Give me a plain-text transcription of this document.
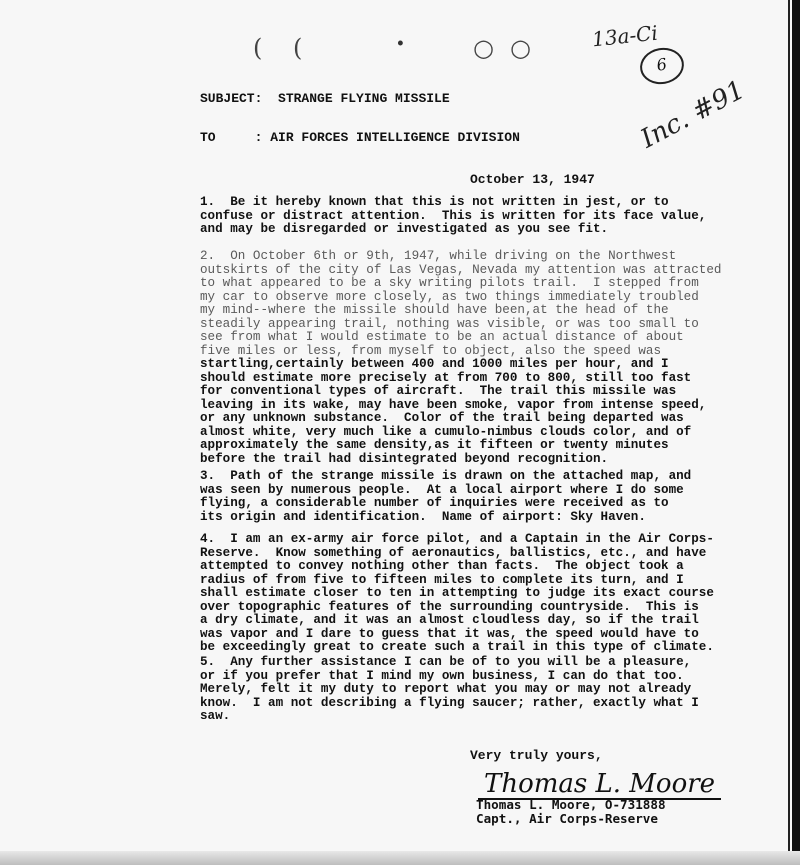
( (	•	○ ○	13a-Ci
6
Inc. #91
SUBJECT: STRANGE FLYING MISSILE
TO	: AIR FORCES INTELLIGENCE DIVISION
October 13, 1947

1.  Be it hereby known that this is not written in jest, or to
confuse or distract attention.  This is written for its face value,
and may be disregarded or investigated as you see fit.

2.  On October 6th or 9th, 1947, while driving on the Northwest
outskirts of the city of Las Vegas, Nevada my attention was attracted
to what appeared to be a sky writing pilots trail.  I stepped from
my car to observe more closely, as two things immediately troubled
my mind--where the missile should have been,at the head of the
steadily appearing trail, nothing was visible, or was too small to
see from what I would estimate to be an actual distance of about
five miles or less, from myself to object, also the speed was
startling,certainly between 400 and 1000 miles per hour, and I
should estimate more precisely at from 700 to 800, still too fast
for conventional types of aircraft.  The trail this missile was
leaving in its wake, may have been smoke, vapor from intense speed,
or any unknown substance.  Color of the trail being departed was
almost white, very much like a cumulo-nimbus clouds color, and of
approximately the same density,as it fifteen or twenty minutes
before the trail had disintegrated beyond recognition.

3.  Path of the strange missile is drawn on the attached map, and
was seen by numerous people.  At a local airport where I do some
flying, a considerable number of inquiries were received as to
its origin and identification.  Name of airport: Sky Haven.

4.  I am an ex-army air force pilot, and a Captain in the Air Corps-
Reserve.  Know something of aeronautics, ballistics, etc., and have
attempted to convey nothing other than facts.  The object took a
radius of from five to fifteen miles to complete its turn, and I
shall estimate closer to ten in attempting to judge its exact course
over topographic features of the surrounding countryside.  This is
a dry climate, and it was an almost cloudless day, so if the trail
was vapor and I dare to guess that it was, the speed would have to
be exceedingly great to create such a trail in this type of climate.

5.  Any further assistance I can be of to you will be a pleasure,
or if you prefer that I mind my own business, I can do that too.
Merely, felt it my duty to report what you may or may not already
know.  I am not describing a flying saucer; rather, exactly what I
saw.

Very truly yours,
Thomas L. Moore
Thomas L. Moore, O-731888
Capt., Air Corps-Reserve
